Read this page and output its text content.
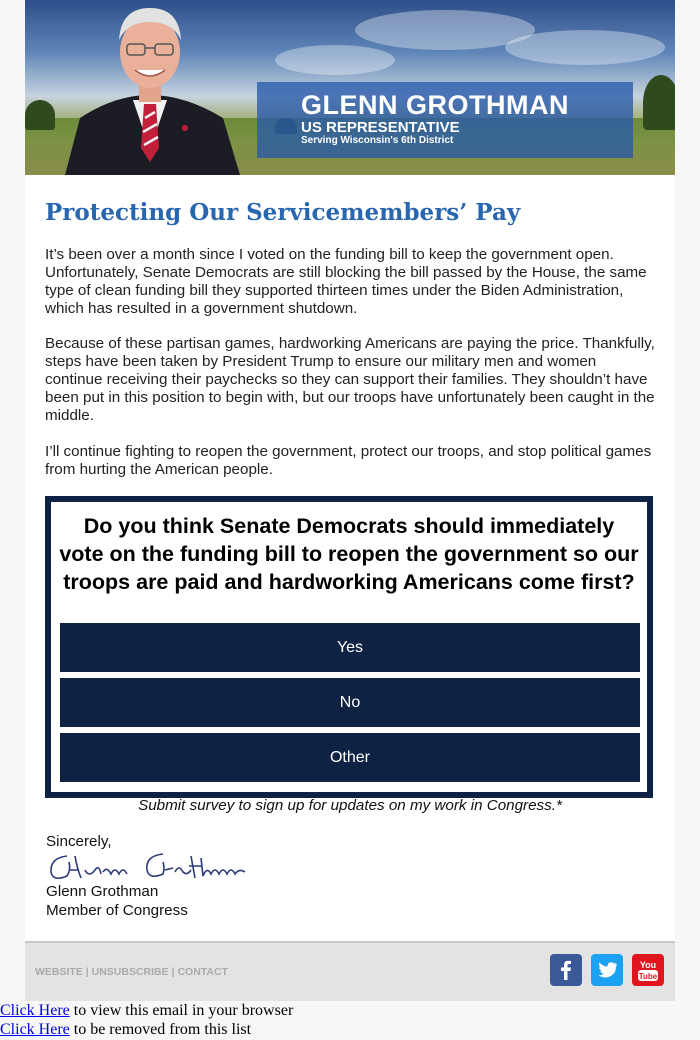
GLENN GROTHMAN
US REPRESENTATIVE
Serving Wisconsin's 6th District
Protecting Our Servicemembers’ Pay

It’s been over a month since I voted on the funding bill to keep the government open. Unfortunately, Senate Democrats are still blocking the bill passed by the House, the same type of clean funding bill they supported thirteen times under the Biden Administration, which has resulted in a government shutdown.

Because of these partisan games, hardworking Americans are paying the price. Thankfully, steps have been taken by President Trump to ensure our military men and women continue receiving their paychecks so they can support their families. They shouldn’t have been put in this position to begin with, but our troops have unfortunately been caught in the middle.

I’ll continue fighting to reopen the government, protect our troops, and stop political games from hurting the American people.

Do you think Senate Democrats should immediately vote on the funding bill to reopen the government so our troops are paid and hardworking Americans come first?
Yes
No
Other
Submit survey to sign up for updates on my work in Congress.*
Sincerely,
Glenn Grothman
Member of Congress
WEBSITE | UNSUBSCRIBE | CONTACT
You
Tube
Click Here to view this email in your browser
Click Here to be removed from this list
